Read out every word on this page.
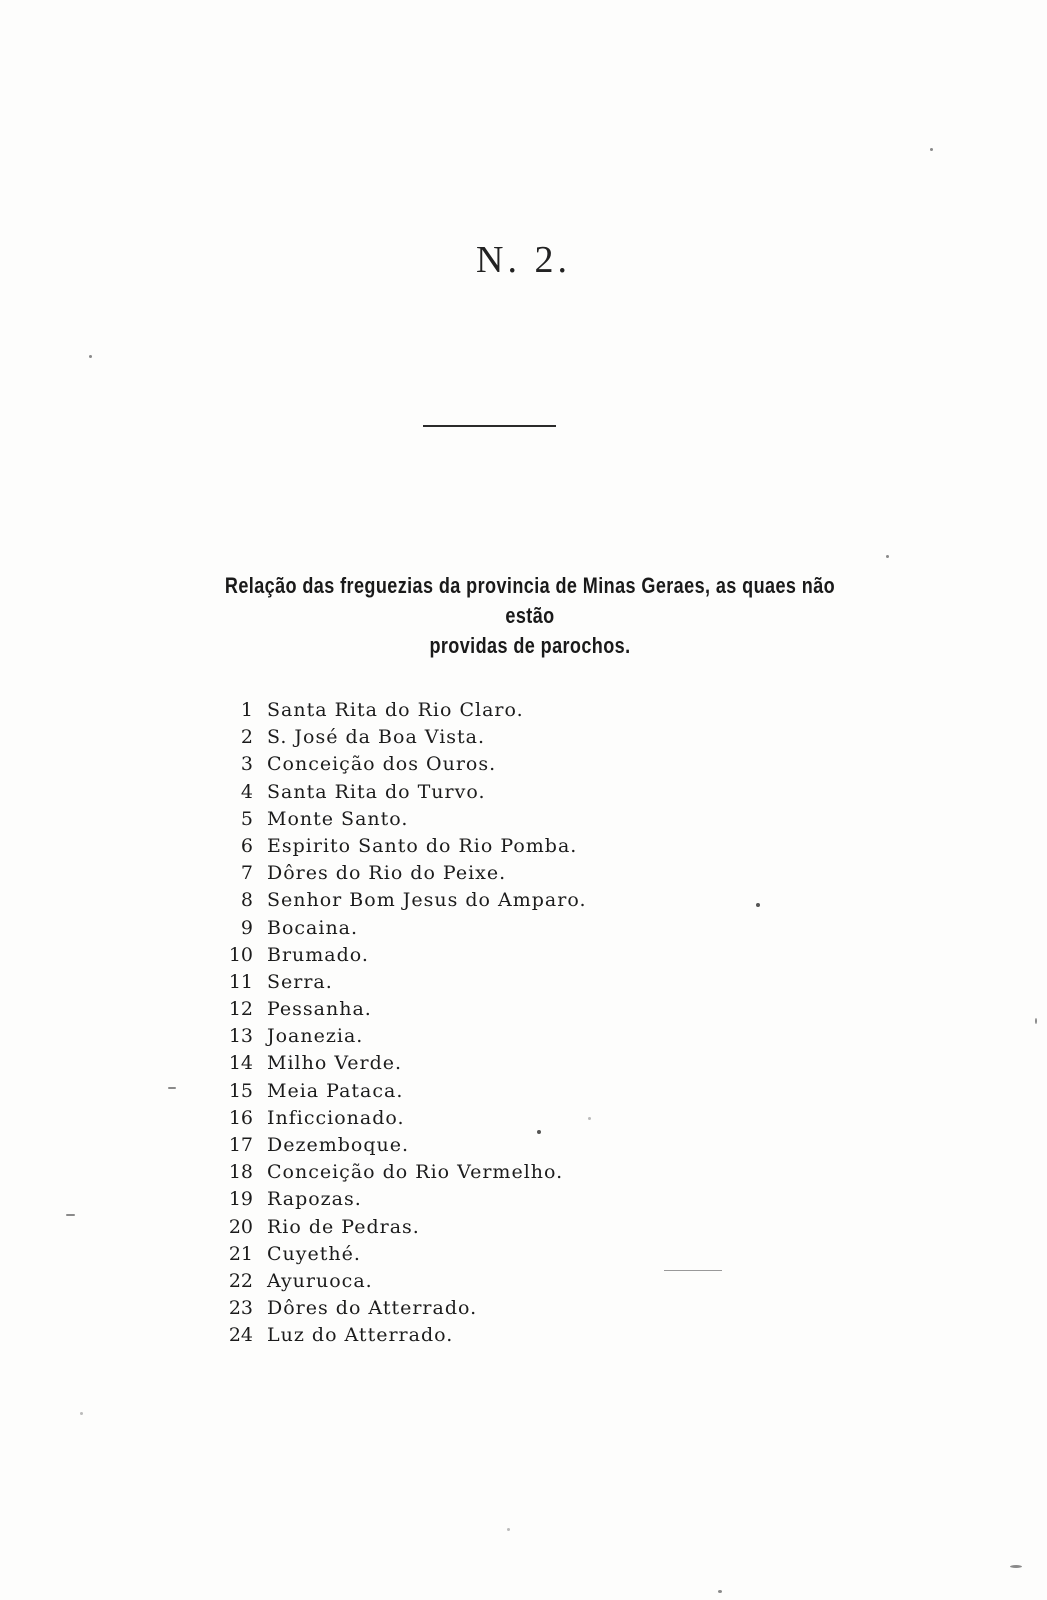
N. 2.
Relação das freguezias da provincia de Minas Geraes, as quaes não estão
providas de parochos.
1 Santa Rita do Rio Claro.
2 S. José da Boa Vista.
3 Conceição dos Ouros.
4 Santa Rita do Turvo.
5 Monte Santo.
6 Espirito Santo do Rio Pomba.
7 Dôres do Rio do Peixe.
8 Senhor Bom Jesus do Amparo.
9 Bocaina.
10 Brumado.
11 Serra.
12 Pessanha.
13 Joanezia.
14 Milho Verde.
15 Meia Pataca.
16 Inficcionado.
17 Dezemboque.
18 Conceição do Rio Vermelho.
19 Rapozas.
20 Rio de Pedras.
21 Cuyethé.
22 Ayuruoca.
23 Dôres do Atterrado.
24 Luz do Atterrado.
